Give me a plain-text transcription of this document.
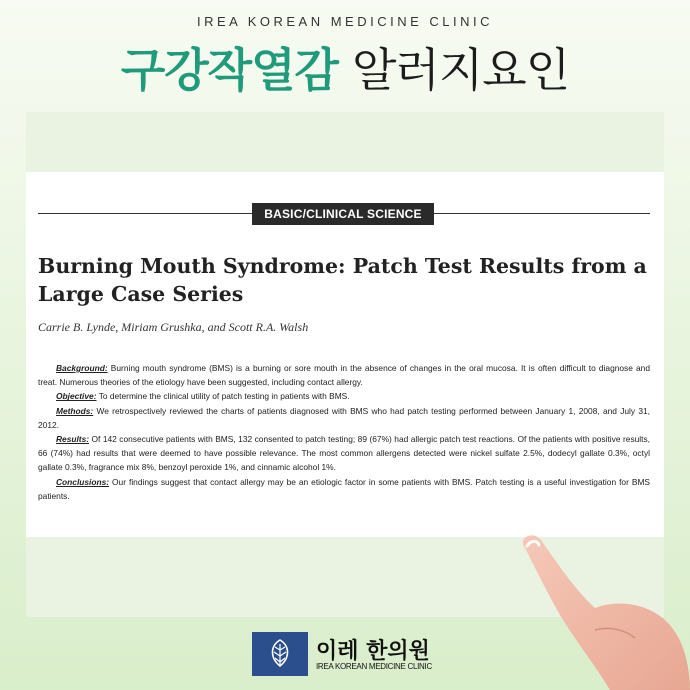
IREA KOREAN MEDICINE CLINIC
구강작열감 알러지요인
BASIC/CLINICAL SCIENCE
Burning Mouth Syndrome: Patch Test Results from a Large Case Series
Carrie B. Lynde, Miriam Grushka, and Scott R.A. Walsh

Background: Burning mouth syndrome (BMS) is a burning or sore mouth in the absence of changes in the oral mucosa. It is often difficult to diagnose and treat. Numerous theories of the etiology have been suggested, including contact allergy.

Objective: To determine the clinical utility of patch testing in patients with BMS.

Methods: We retrospectively reviewed the charts of patients diagnosed with BMS who had patch testing performed between January 1, 2008, and July 31, 2012.

Results: Of 142 consecutive patients with BMS, 132 consented to patch testing; 89 (67%) had allergic patch test reactions. Of the patients with positive results, 66 (74%) had results that were deemed to have possible relevance. The most common allergens detected were nickel sulfate 2.5%, dodecyl gallate 0.3%, octyl gallate 0.3%, fragrance mix 8%, benzoyl peroxide 1%, and cinnamic alcohol 1%.

Conclusions: Our findings suggest that contact allergy may be an etiologic factor in some patients with BMS. Patch testing is a useful investigation for BMS patients.

이레 한의원
IREA KOREAN MEDICINE CLINIC
